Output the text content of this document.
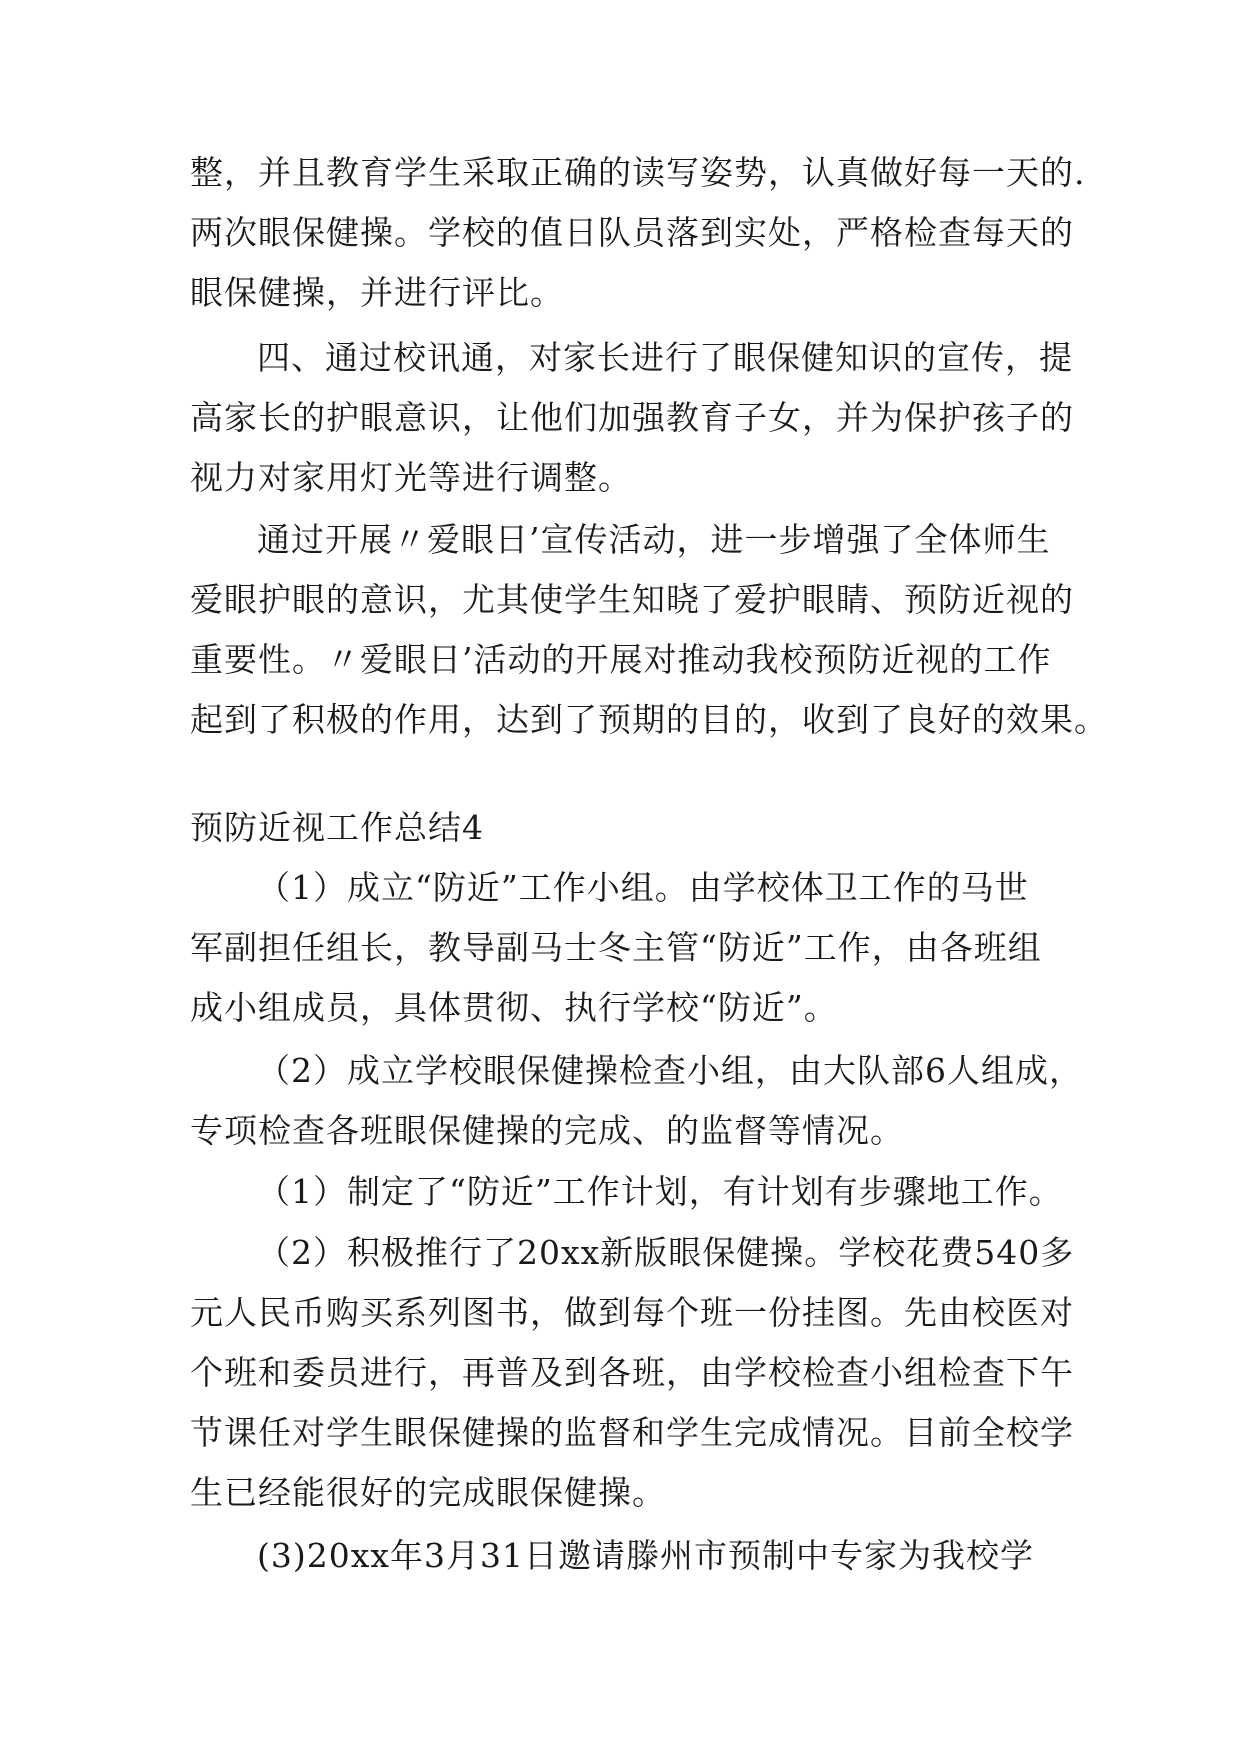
整，并且教育学生采取正确的读写姿势，认真做好每一天的.
两次眼保健操。学校的值日队员落到实处，严格检查每天的
眼保健操，并进行评比。
四、通过校讯通，对家长进行了眼保健知识的宣传，提
高家长的护眼意识，让他们加强教育子女，并为保护孩子的
视力对家用灯光等进行调整。
通过开展〃爱眼日’宣传活动，进一步增强了全体师生
爱眼护眼的意识，尤其使学生知晓了爱护眼睛、预防近视的
重要性。〃爱眼日’活动的开展对推动我校预防近视的工作
起到了积极的作用，达到了预期的目的，收到了良好的效果。
预防近视工作总结4
（1）成立“防近”工作小组。由学校体卫工作的马世
军副担任组长，教导副马士冬主管“防近”工作，由各班组
成小组成员，具体贯彻、执行学校“防近”。
（2）成立学校眼保健操检查小组，由大队部6人组成，
专项检查各班眼保健操的完成、的监督等情况。
（1）制定了“防近”工作计划，有计划有步骤地工作。
（2）积极推行了20xx新版眼保健操。学校花费540多
元人民币购买系列图书，做到每个班一份挂图。先由校医对
个班和委员进行，再普及到各班，由学校检查小组检查下午
节课任对学生眼保健操的监督和学生完成情况。目前全校学
生已经能很好的完成眼保健操。
(3)20xx年3月31日邀请滕州市预制中专家为我校学
